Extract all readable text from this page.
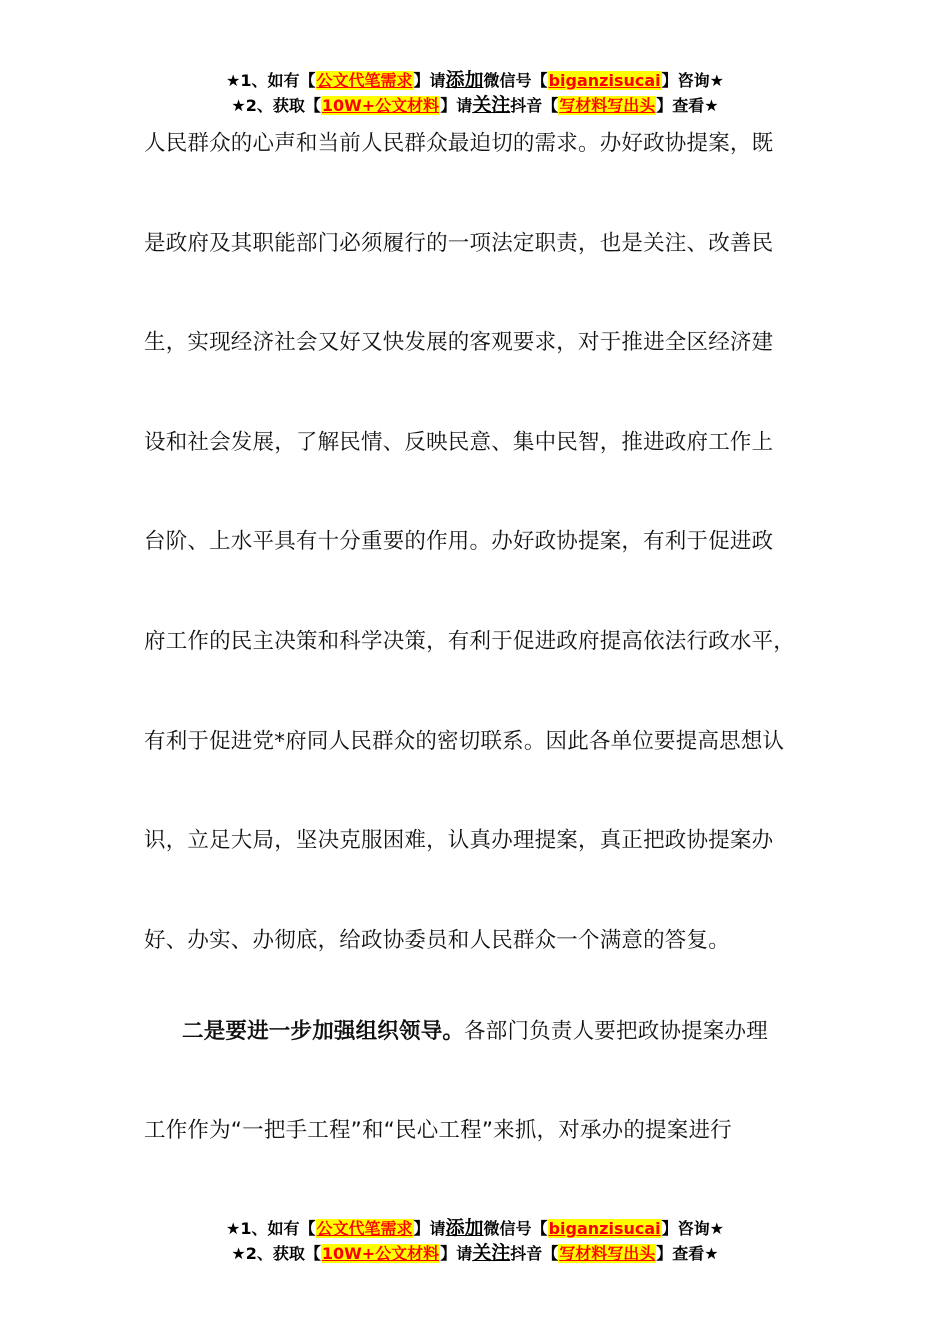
★1、如有【公文代笔需求】请添加微信号【biganzisucai】咨询★
★2、获取【10W+公文材料】请关注抖音【写材料写出头】查看★
人民群众的心声和当前人民群众最迫切的需求。办好政协提案，既
是政府及其职能部门必须履行的一项法定职责，也是关注、改善民
生，实现经济社会又好又快发展的客观要求，对于推进全区经济建
设和社会发展，了解民情、反映民意、集中民智，推进政府工作上
台阶、上水平具有十分重要的作用。办好政协提案，有利于促进政
府工作的民主决策和科学决策，有利于促进政府提高依法行政水平，
有利于促进党*府同人民群众的密切联系。因此各单位要提高思想认
识，立足大局，坚决克服困难，认真办理提案，真正把政协提案办
好、办实、办彻底，给政协委员和人民群众一个满意的答复。
二是要进一步加强组织领导。各部门负责人要把政协提案办理
工作作为“一把手工程”和“民心工程”来抓，对承办的提案进行
★1、如有【公文代笔需求】请添加微信号【biganzisucai】咨询★
★2、获取【10W+公文材料】请关注抖音【写材料写出头】查看★
